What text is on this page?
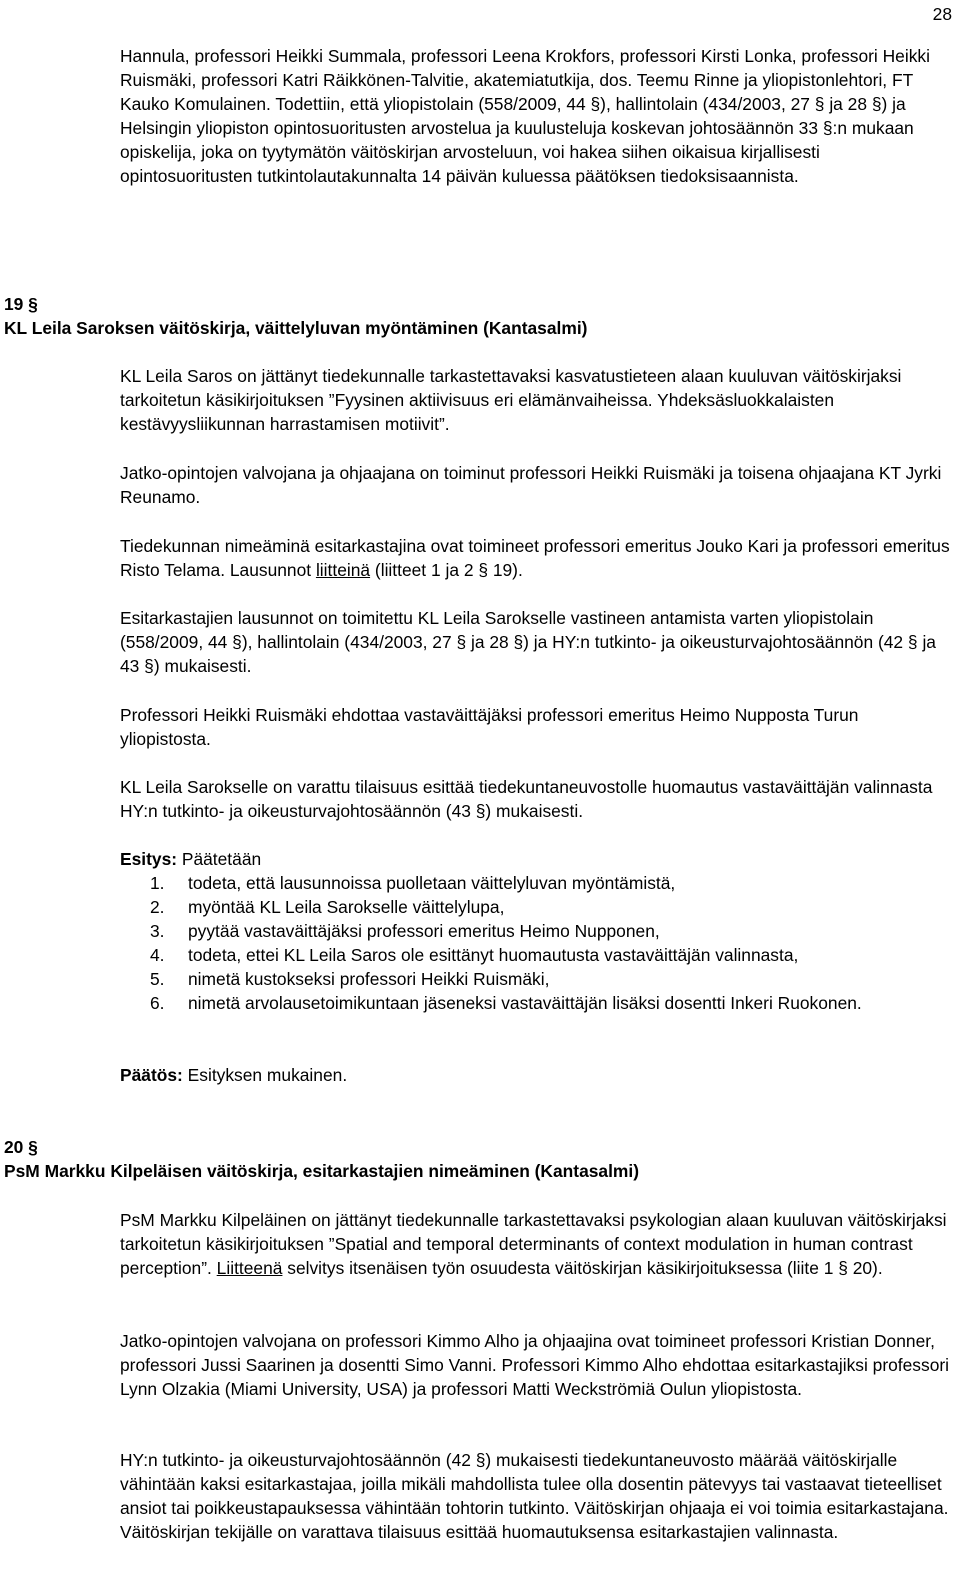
28

Hannula, professori Heikki Summala, professori Leena Krokfors, professori Kirsti Lonka, professori Heikki Ruismäki, professori Katri Räikkönen-Talvitie, akatemiatutkija, dos. Teemu Rinne ja yliopistonlehtori, FT Kauko Komulainen. Todettiin, että yliopistolain (558/2009, 44 §), hallintolain (434/2003, 27 § ja 28 §) ja Helsingin yliopiston opintosuoritusten arvostelua ja kuulusteluja koskevan johtosäännön 33 §:n mukaan opiskelija, joka on tyytymätön väitöskirjan arvosteluun, voi hakea siihen oikaisua kirjallisesti opintosuoritusten tutkintolautakunnalta 14 päivän kuluessa päätöksen tiedoksisaannista.

19 §
KL Leila Saroksen väitöskirja, väittelyluvan myöntäminen (Kantasalmi)

KL Leila Saros on jättänyt tiedekunnalle tarkastettavaksi kasvatustieteen alaan kuuluvan väitöskirjaksi tarkoitetun käsikirjoituksen ”Fyysinen aktiivisuus eri elämänvaiheissa. Yhdeksäsluokkalaisten kestävyysliikunnan harrastamisen motiivit”.

Jatko-opintojen valvojana ja ohjaajana on toiminut professori Heikki Ruismäki ja toisena ohjaajana KT Jyrki Reunamo.

Tiedekunnan nimeäminä esitarkastajina ovat toimineet professori emeritus Jouko Kari ja professori emeritus Risto Telama. Lausunnot liitteinä (liitteet 1 ja 2 § 19).

Esitarkastajien lausunnot on toimitettu KL Leila Sarokselle vastineen antamista varten yliopistolain (558/2009, 44 §), hallintolain (434/2003, 27 § ja 28 §) ja HY:n tutkinto- ja oikeusturvajohtosäännön (42 § ja 43 §) mukaisesti.

Professori Heikki Ruismäki ehdottaa vastaväittäjäksi professori emeritus Heimo Nupposta Turun yliopistosta.

KL Leila Sarokselle on varattu tilaisuus esittää tiedekuntaneuvostolle huomautus vastaväittäjän valinnasta HY:n tutkinto- ja oikeusturvajohtosäännön (43 §) mukaisesti.

Esitys: Päätetään
1.	todeta, että lausunnoissa puolletaan väittelyluvan myöntämistä,
2.	myöntää KL Leila Sarokselle väittelylupa,
3.	pyytää vastaväittäjäksi professori emeritus Heimo Nupponen,
4.	todeta, ettei KL Leila Saros ole esittänyt huomautusta vastaväittäjän valinnasta,
5.	nimetä kustokseksi professori Heikki Ruismäki,
6.	nimetä arvolausetoimikuntaan jäseneksi vastaväittäjän lisäksi dosentti Inkeri Ruokonen.
Päätös: Esityksen mukainen.
20 §
PsM Markku Kilpeläisen väitöskirja, esitarkastajien nimeäminen (Kantasalmi)

PsM Markku Kilpeläinen on jättänyt tiedekunnalle tarkastettavaksi psykologian alaan kuuluvan väitöskirjaksi tarkoitetun käsikirjoituksen ”Spatial and temporal determinants of context modulation in human contrast perception”. Liitteenä selvitys itsenäisen työn osuudesta väitöskirjan käsikirjoituksessa (liite 1 § 20).

Jatko-opintojen valvojana on professori Kimmo Alho ja ohjaajina ovat toimineet professori Kristian Donner, professori Jussi Saarinen ja dosentti Simo Vanni. Professori Kimmo Alho ehdottaa esitarkastajiksi professori Lynn Olzakia (Miami University, USA) ja professori Matti Weckströmiä Oulun yliopistosta.

HY:n tutkinto- ja oikeusturvajohtosäännön (42 §) mukaisesti tiedekuntaneuvosto määrää väitöskirjalle vähintään kaksi esitarkastajaa, joilla mikäli mahdollista tulee olla dosentin pätevyys tai vastaavat tieteelliset ansiot tai poikkeustapauksessa vähintään tohtorin tutkinto. Väitöskirjan ohjaaja ei voi toimia esitarkastajana. Väitöskirjan tekijälle on varattava tilaisuus esittää huomautuksensa esitarkastajien valinnasta.
